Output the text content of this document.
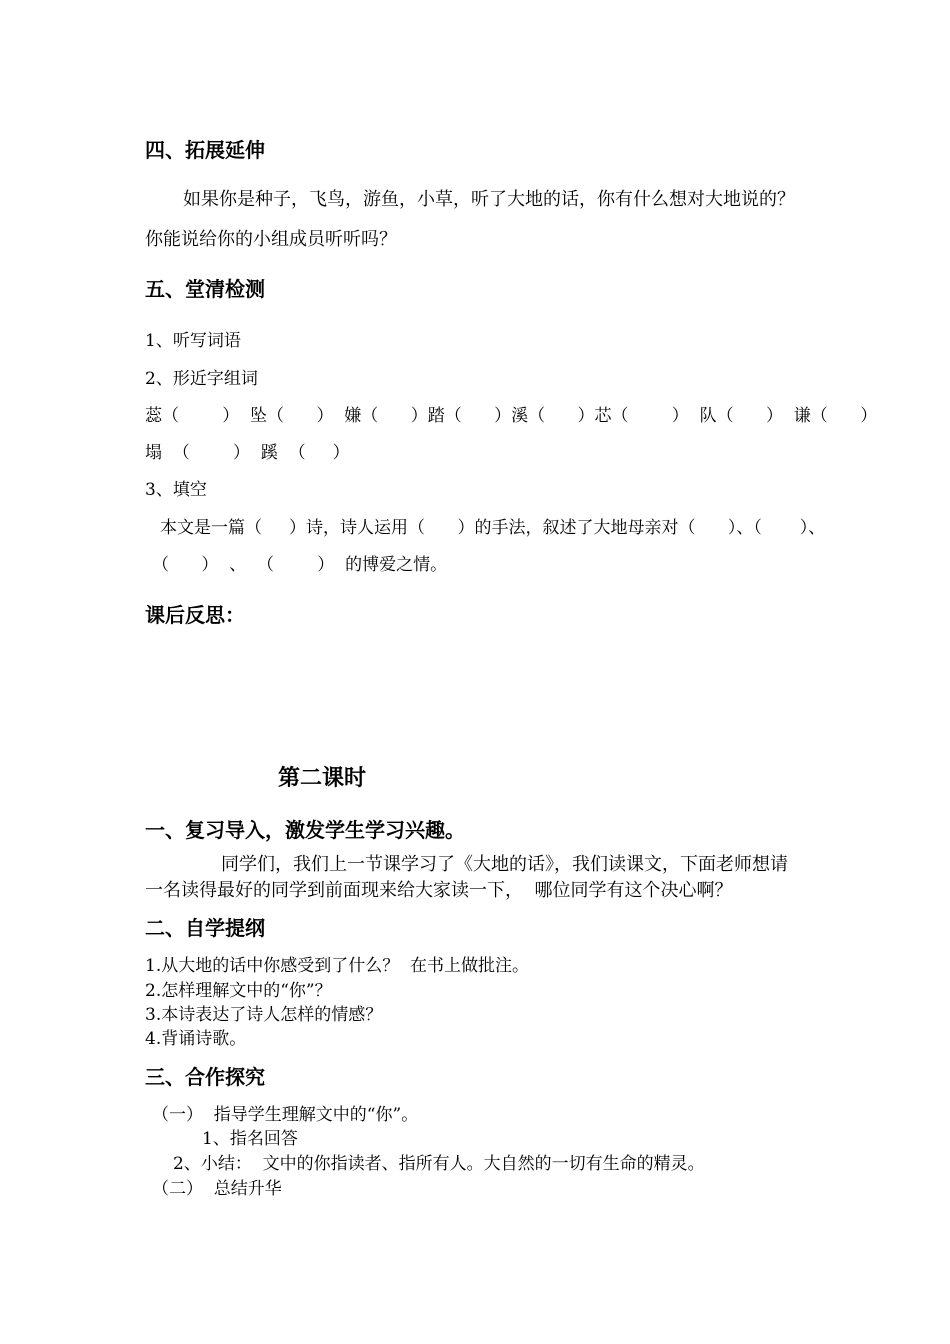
四、拓展延伸
如果你是种子，飞鸟，游鱼，小草，听了大地的话，你有什么想对大地说的？
你能说给你的小组成员听听吗？
五、堂清检测
1、听写词语
2、形近字组词
蕊（        ）  坠（      ）  嫌（      ）踏（      ）溪（      ）芯（        ）  队（      ）  谦（      ）
塌  （        ）  蹊  （     ）
3、填空
本文是一篇（     ）诗，诗人运用（      ）的手法，叙述了大地母亲对（      ）、（       ）、
（      ）  、  （        ）  的博爱之情。
课后反思：
第二课时
一、复习导入，激发学生学习兴趣。
同学们，我们上一节课学习了《大地的话》，我们读课文，下面老师想请
一名读得最好的同学到前面现来给大家读一下，  哪位同学有这个决心啊？
二、自学提纲
1.从大地的话中你感受到了什么？  在书上做批注。
2.怎样理解文中的“你”？
3.本诗表达了诗人怎样的情感？
4.背诵诗歌。
三、合作探究
（一）  指导学生理解文中的“你”。
1、指名回答
2、小结：  文中的你指读者、指所有人。大自然的一切有生命的精灵。
（二）  总结升华
